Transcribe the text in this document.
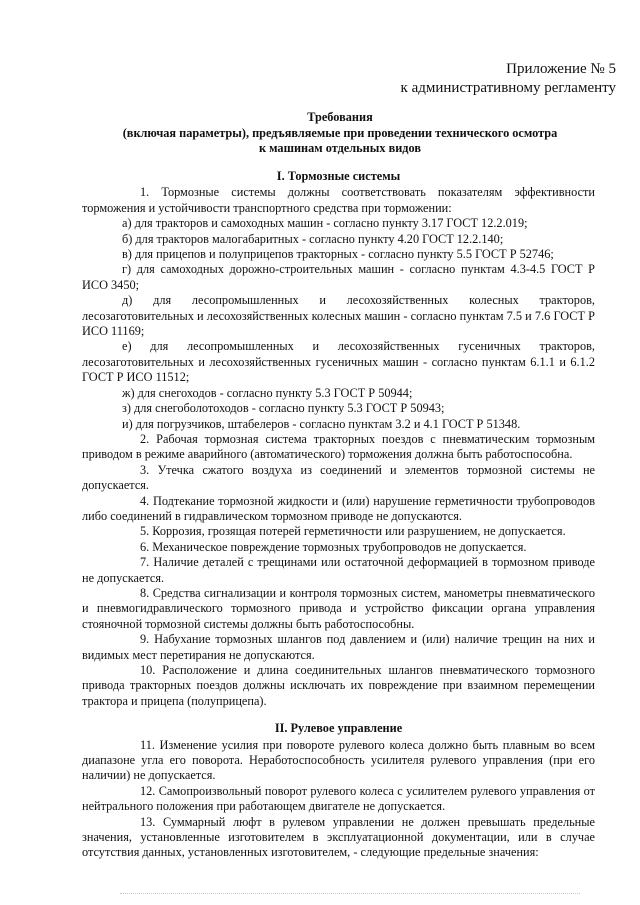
Приложение № 5
к административному регламенту
Требования
(включая параметры), предъявляемые при проведении технического осмотра
к машинам отдельных видов

I. Тормозные системы

1. Тормозные системы должны соответствовать показателям эффективности торможения и устойчивости транспортного средства при торможении:

а) для тракторов и самоходных машин - согласно пункту 3.17 ГОСТ 12.2.019;

б) для тракторов малогабаритных - согласно пункту 4.20 ГОСТ 12.2.140;

в) для прицепов и полуприцепов тракторных - согласно пункту 5.5 ГОСТ Р 52746;

г) для самоходных дорожно-строительных машин - согласно пунктам 4.3-4.5 ГОСТ Р ИСО 3450;

д) для лесопромышленных и лесохозяйственных колесных тракторов, лесозаготовительных и лесохозяйственных колесных машин - согласно пунктам 7.5 и 7.6 ГОСТ Р ИСО 11169;

е) для лесопромышленных и лесохозяйственных гусеничных тракторов, лесозаготовительных и лесохозяйственных гусеничных машин - согласно пунктам 6.1.1 и 6.1.2 ГОСТ Р ИСО 11512;

ж) для снегоходов - согласно пункту 5.3 ГОСТ Р 50944;

з) для снегоболотоходов - согласно пункту 5.3 ГОСТ Р 50943;

и) для погрузчиков, штабелеров - согласно пунктам 3.2 и 4.1 ГОСТ Р 51348.

2. Рабочая тормозная система тракторных поездов с пневматическим тормозным приводом в режиме аварийного (автоматического) торможения должна быть работоспособна.

3. Утечка сжатого воздуха из соединений и элементов тормозной системы не допускается.

4. Подтекание тормозной жидкости и (или) нарушение герметичности трубопроводов либо соединений в гидравлическом тормозном приводе не допускаются.

5. Коррозия, грозящая потерей герметичности или разрушением, не допускается.

6. Механическое повреждение тормозных трубопроводов не допускается.

7. Наличие деталей с трещинами или остаточной деформацией в тормозном приводе не допускается.

8. Средства сигнализации и контроля тормозных систем, манометры пневматического и пневмогидравлического тормозного привода и устройство фиксации органа управления стояночной тормозной системы должны быть работоспособны.

9. Набухание тормозных шлангов под давлением и (или) наличие трещин на них и видимых мест перетирания не допускаются.

10. Расположение и длина соединительных шлангов пневматического тормозного привода тракторных поездов должны исключать их повреждение при взаимном перемещении трактора и прицепа (полуприцепа).

II. Рулевое управление

11. Изменение усилия при повороте рулевого колеса должно быть плавным во всем диапазоне угла его поворота. Неработоспособность усилителя рулевого управления (при его наличии) не допускается.

12. Самопроизвольный поворот рулевого колеса с усилителем рулевого управления от нейтрального положения при работающем двигателе не допускается.

13. Суммарный люфт в рулевом управлении не должен превышать предельные значения, установленные изготовителем в эксплуатационной документации, или в случае отсутствия данных, установленных изготовителем, - следующие предельные значения:
